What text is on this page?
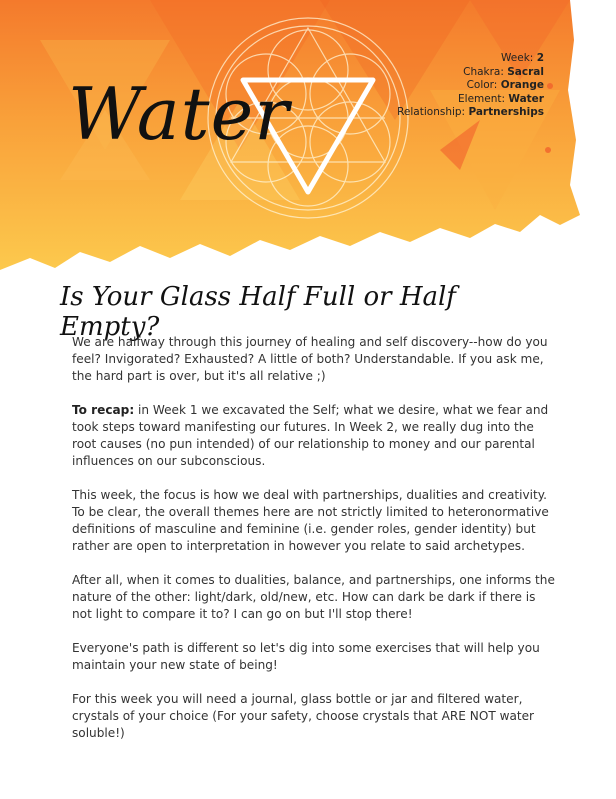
Water
Week: 2
Chakra: Sacral
Color: Orange
Element: Water
Relationship: Partnerships
Is Your Glass Half Full or Half Empty?

We are halfway through this journey of healing and self discovery--how do you feel? Invigorated? Exhausted? A little of both? Understandable. If you ask me, the hard part is over, but it's all relative ;)

To recap: in Week 1 we excavated the Self; what we desire, what we fear and took steps toward manifesting our futures. In Week 2, we really dug into the root causes (no pun intended) of our relationship to money and our parental influences on our subconscious.

This week, the focus is how we deal with partnerships, dualities and creativity. To be clear, the overall themes here are not strictly limited to heteronormative definitions of masculine and feminine (i.e. gender roles, gender identity) but rather are open to interpretation in however you relate to said archetypes.

After all, when it comes to dualities, balance, and partnerships, one informs the nature of the other: light/dark, old/new, etc. How can dark be dark if there is not light to compare it to? I can go on but I'll stop there!

Everyone's path is different so let's dig into some exercises that will help you maintain your new state of being!

For this week you will need a journal, glass bottle or jar and filtered water, crystals of your choice (For your safety, choose crystals that ARE NOT water soluble!)
